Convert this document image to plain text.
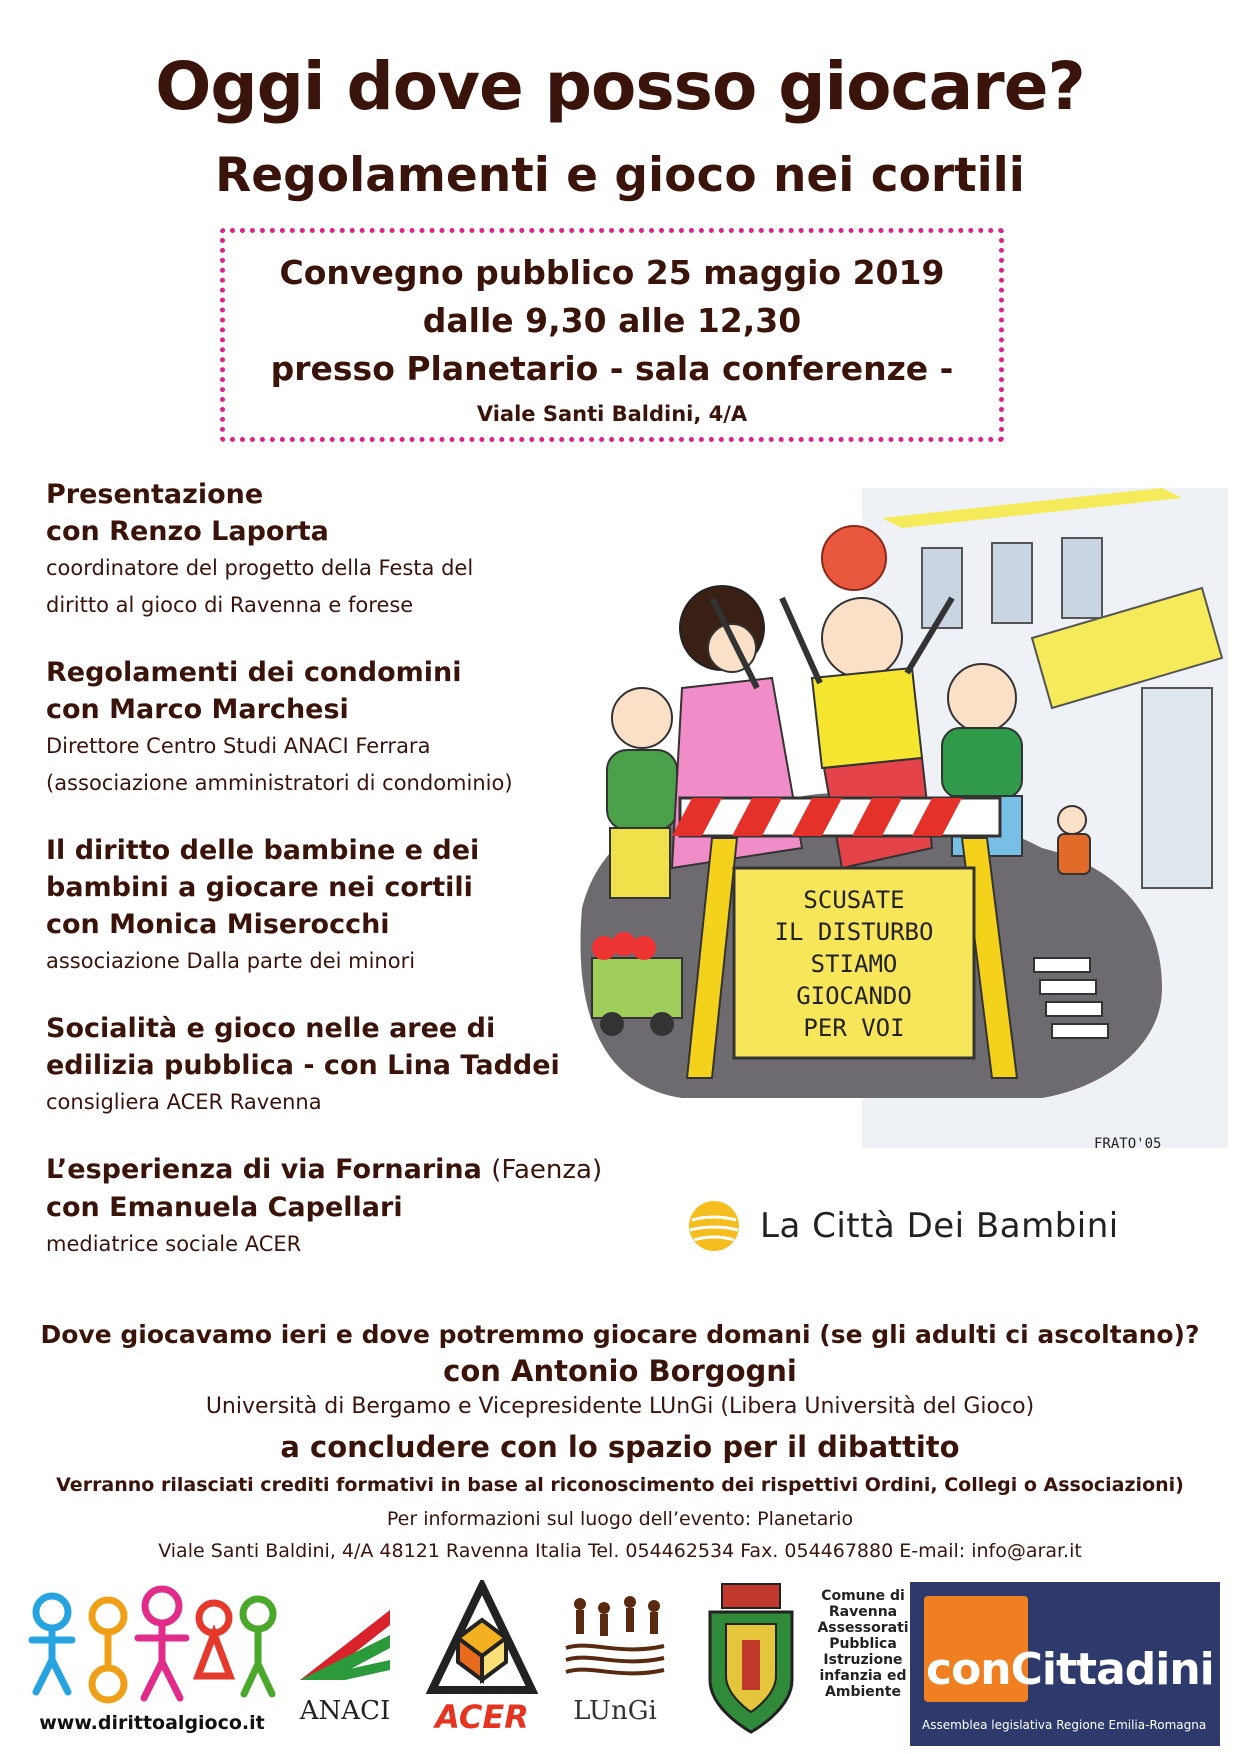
Oggi dove posso giocare?
Regolamenti e gioco nei cortili
Convegno pubblico 25 maggio 2019
dalle 9,30 alle 12,30
presso Planetario - sala conferenze -
Viale Santi Baldini, 4/A
Presentazione
con Renzo Laporta
coordinatore del progetto della Festa del
diritto al gioco di Ravenna e forese
Regolamenti dei condomini
con Marco Marchesi
Direttore Centro Studi ANACI Ferrara
(associazione amministratori di condominio)
Il diritto delle bambine e dei
bambini a giocare nei cortili
con Monica Miserocchi
associazione Dalla parte dei minori
Socialità e gioco nelle aree di
edilizia pubblica - con Lina Taddei
consigliera ACER Ravenna
L’esperienza di via Fornarina (Faenza)
con Emanuela Capellari
mediatrice sociale ACER
SCUSATE
IL DISTURBO
STIAMO
GIOCANDO
PER VOI
FRATO'05
La Città Dei Bambini
Dove giocavamo ieri e dove potremmo giocare domani (se gli adulti ci ascoltano)?
con Antonio Borgogni
Università di Bergamo e Vicepresidente LUnGi (Libera Università del Gioco)
a concludere con lo spazio per il dibattito
Verranno rilasciati crediti formativi in base al riconoscimento dei rispettivi Ordini, Collegi o Associazioni)
Per informazioni sul luogo dell’evento: Planetario
Viale Santi Baldini, 4/A 48121 Ravenna Italia Tel. 054462534 Fax. 054467880 E-mail: info@arar.it
www.dirittoalgioco.it	ANACI	ACER	LUnGi
Comune di Ravenna Assessorati Pubblica Istruzione infanzia ed Ambiente conCittadini
Assemblea legislativa Regione Emilia-Romagna
